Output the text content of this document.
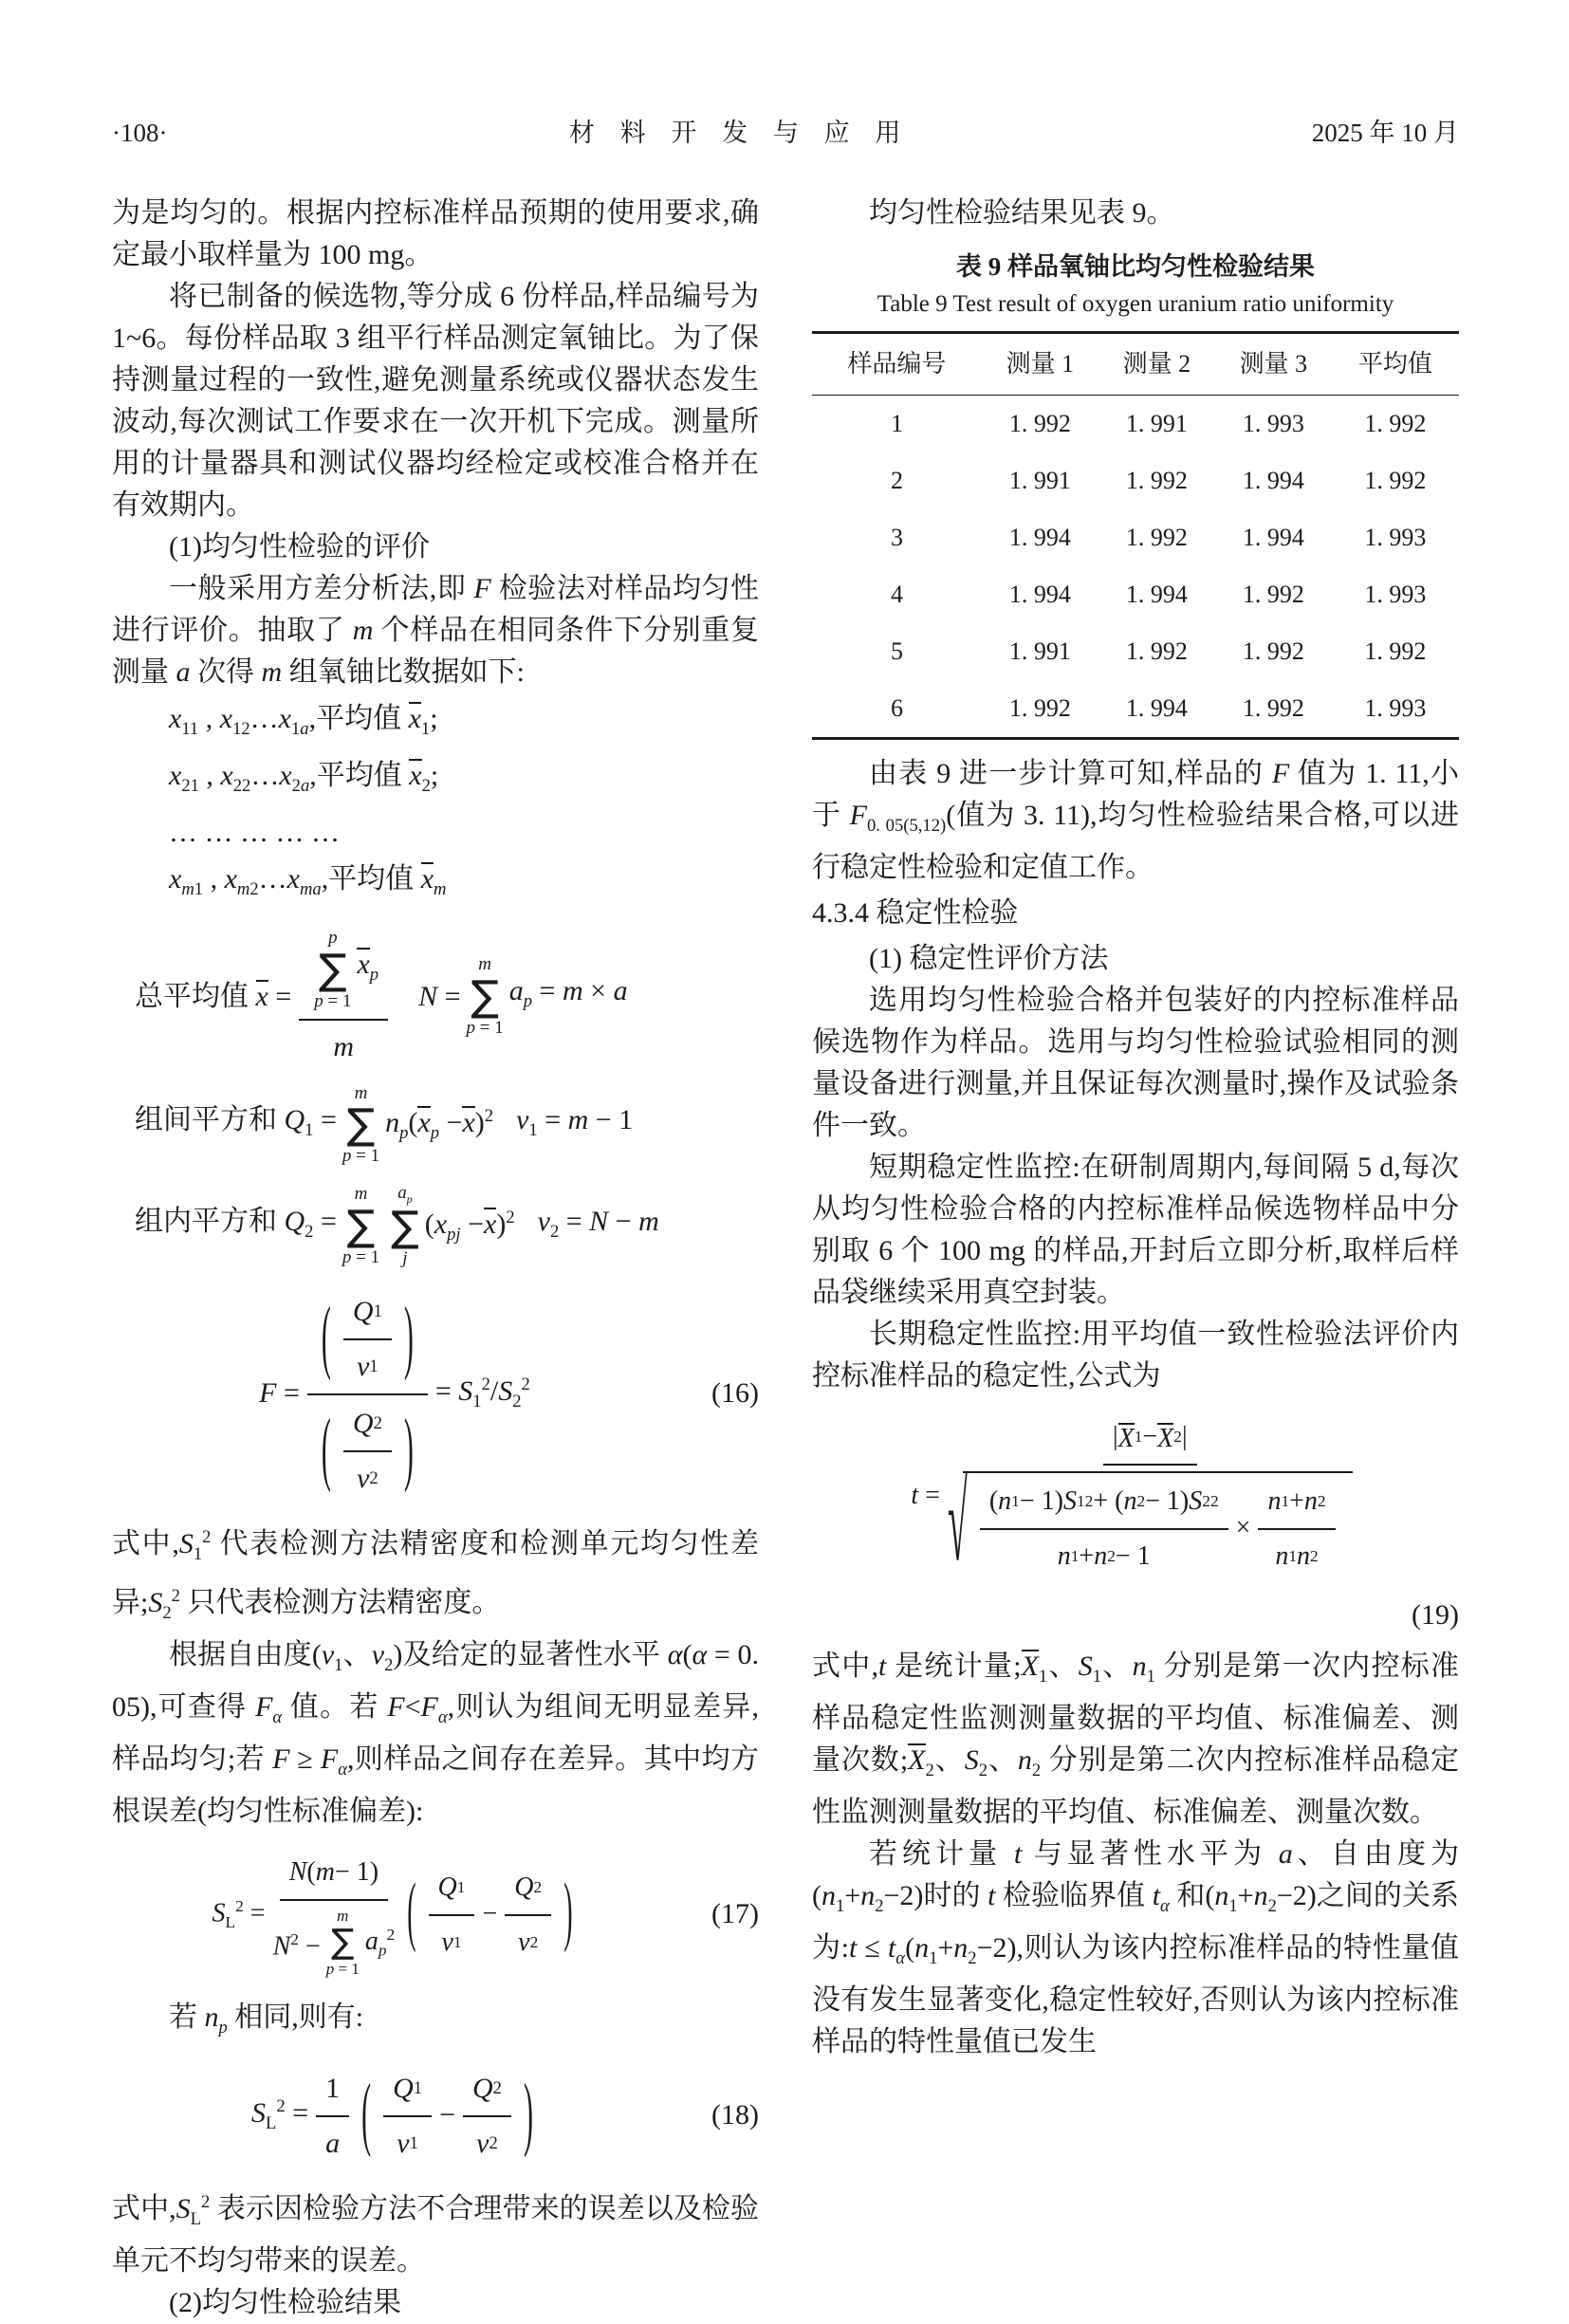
·108·	材 料 开 发 与 应 用	2025 年 10 月

为是均匀的。根据内控标准样品预期的使用要求,确定最小取样量为 100 mg。

将已制备的候选物,等分成 6 份样品,样品编号为 1~6。每份样品取 3 组平行样品测定氧铀比。为了保持测量过程的一致性,避免测量系统或仪器状态发生波动,每次测试工作要求在一次开机下完成。测量所用的计量器具和测试仪器均经检定或校准合格并在有效期内。

(1)均匀性检验的评价

一般采用方差分析法,即 F 检验法对样品均匀性进行评价。抽取了 m 个样品在相同条件下分别重复测量 a 次得 m 组氧铀比数据如下:

$x_{11}$ , $x_{12}\dots x_{1a}$,平均值 $x_1$;
$x_{21}$ , $x_{22}\dots x_{2a}$,平均值 $x_2$;
… … … … …
$x_{m1}$ , $x_{m2}\dots x_{ma}$,平均值 $x_m$
总平均值 x =
p
∑
p = 1
$x_p$
m
N =
m
∑
p = 1
$a_p = m \times a$
组间平方和 $Q_1$ =
m
∑
p = 1
$n_p(x_p -x)^2$ $\nu_1 = m - 1$
组内平方和 $Q_2$ =
m
∑
p = 1
$a_p$
∑
j
$(x_{pj} -x)^2$ $\nu_2 = N - m$
F =
( $\frac{Q 1}{\nu 1}$ )
( $\frac{Q 2}{\nu 2}$ )
= $S_1^2/S_2^2$	(16)

式中$,S_1^2$ 代表检测方法精密度和检测单元均匀性差异$;S_2^2$ 只代表检测方法精密度。

根据自由度($\nu_1$、$\nu_2$)及给定的显著性水平 α(α = 0. 05),可查得 $F_\alpha$ 值。若 $F<F_\alpha$,则认为组间无明显差异,样品均匀;若 $F \ge F_\alpha$,则样品之间存在差异。其中均方根误差(均匀性标准偏差):

$S_L^2$ =
N ( m − 1)
$N^2$ −
m
∑
p = 1
$a_p^2$ ( $\frac{Q 1}{\nu 1} - \frac{Q 2}{\nu 2}$ )	(17)

若 $n_p$ 相同,则有:

$S_L^2 = \frac{1}{a}$ ( $\frac{Q 1}{\nu 1} - \frac{Q 2}{\nu 2}$ )	(18)

式中$,S_L^2$ 表示因检验方法不合理带来的误差以及检验单元不均匀带来的误差。

(2)均匀性检验结果

均匀性检验结果见表 9。

表 9 样品氧铀比均匀性检验结果
Table 9 Test result of oxygen uranium ratio uniformity
样品编号	测量 1	测量 2	测量 3	平均值
1	1. 992	1. 991	1. 993	1. 992
2	1. 991	1. 992	1. 994	1. 992
3	1. 994	1. 992	1. 994	1. 993
4	1. 994	1. 994	1. 992	1. 993
5	1. 991	1. 992	1. 992	1. 992
6	1. 992	1. 994	1. 992	1. 993

由表 9 进一步计算可知,样品的 F 值为 1. 11,小于 $F_{0. 05(5,12)}$(值为 3. 11),均匀性检验结果合格,可以进行稳定性检验和定值工作。

4.3.4 稳定性检验

(1) 稳定性评价方法

选用均匀性检验合格并包装好的内控标准样品候选物作为样品。选用与均匀性检验试验相同的测量设备进行测量,并且保证每次测量时,操作及试验条件一致。

短期稳定性监控:在研制周期内,每间隔 5 d,每次从均匀性检验合格的内控标准样品候选物样品中分别取 6 个 100 mg 的样品,开封后立即分析,取样后样品袋继续采用真空封装。

长期稳定性监控:用平均值一致性检验法评价内控标准样品的稳定性,公式为

t =
| X 1 − X 2 |
√ $\frac{( n 1 - 1) S 1 2 + ( n 2 - 1) S 2 2}{n 1 + n 2 - 1} \times \frac{n 1 + n 2}{n 1 n 2}$
(19)

式中,t 是统计量$;X_1$、$S_1$、$n_1$ 分别是第一次内控标准样品稳定性监测测量数据的平均值、标准偏差、测量次数$;X_2$、$S_2$、$n_2$ 分别是第二次内控标准样品稳定性监测测量数据的平均值、标准偏差、测量次数。

若统计量 t 与显著性水平为 a、自由度为 $(n_1+n_2-2)$时的 t 检验临界值 $t_\alpha$ 和$(n_1+n_2-2)$之间的关系为:t ≤ $t_\alpha(n_1+n_2-2)$,则认为该内控标准样品的特性量值没有发生显著变化,稳定性较好,否则认为该内控标准样品的特性量值已发生
